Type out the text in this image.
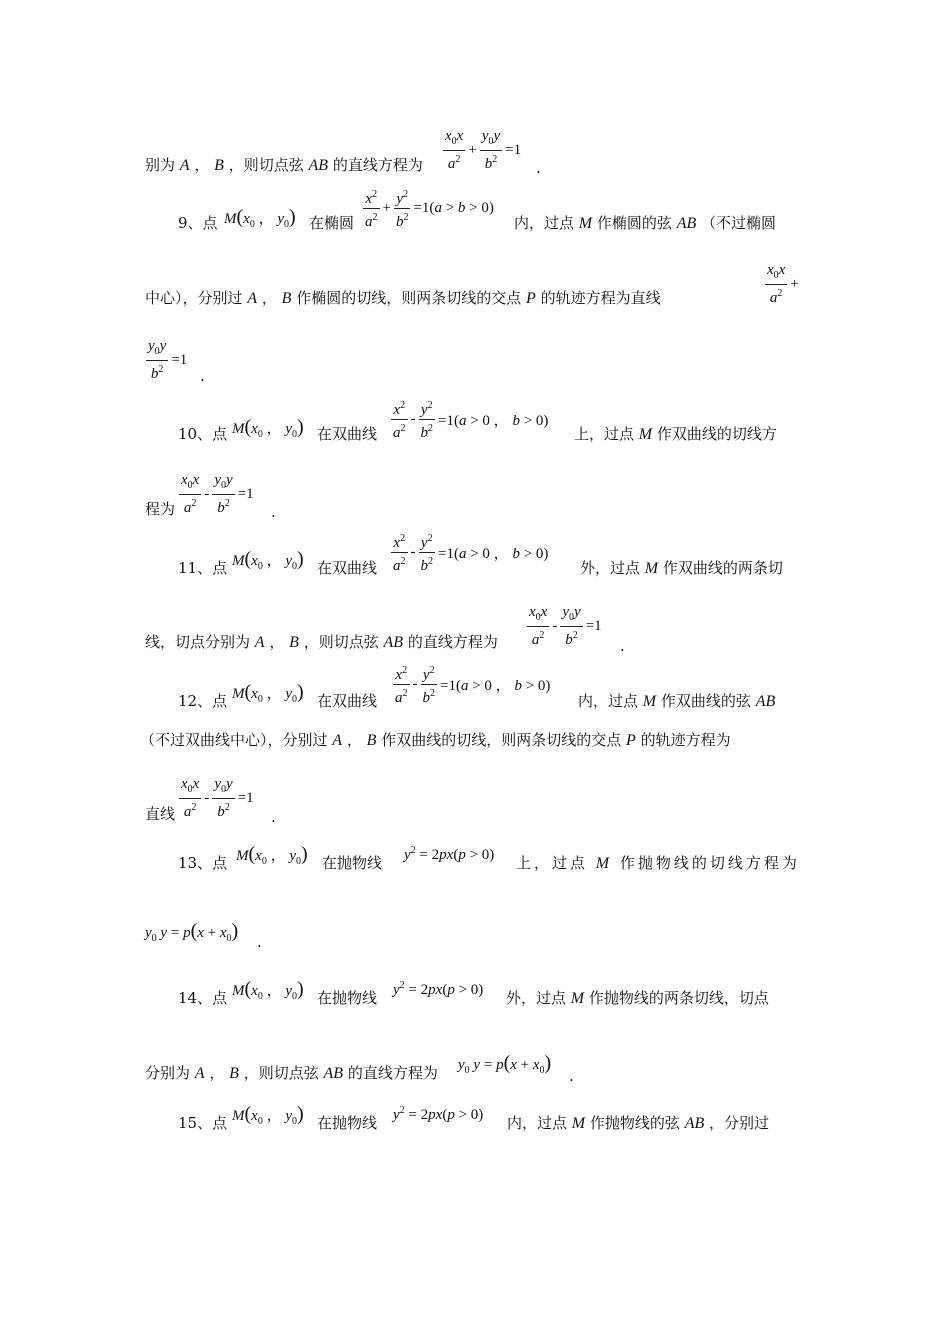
别为 A ， B ，则切点弦 AB 的直线方程为 $\frac{x_0x}{a^2} + \frac{y_0y}{b^2} =1$
.
9、点 $M(x_0$ ， $y_0$) 在椭圆 $\frac{x^2}{a^2} + \frac{y^2}{b^2} =1(a > b > 0)$
内，过点 M 作椭圆的弦 AB （不过椭圆
中心），分别过 A ， B 作椭圆的切线，则两条切线的交点 P 的轨迹方程为直线	$\frac{x_0x}{a^2}$ +
$\frac{y_0y}{b^2} =1$
.
10、点 $M(x_0$ ， $y_0$) 在双曲线 $\frac{x^2}{a^2} - \frac{y^2}{b^2} =1(a > 0$ ， b > 0)
上，过点 M 作双曲线的切线方
程为 $\frac{x_0x}{a^2} - \frac{y_0y}{b^2} =1$
.
11、点 $M(x_0$ ， $y_0$) 在双曲线 $\frac{x^2}{a^2} - \frac{y^2}{b^2} =1(a > 0$ ， b > 0)
外，过点 M 作双曲线的两条切
线，切点分别为 A ， B ，则切点弦 AB 的直线方程为 $\frac{x_0x}{a^2} - \frac{y_0y}{b^2} =1$
.
12、点 $M(x_0$ ， $y_0$) 在双曲线 $\frac{x^2}{a^2} - \frac{y^2}{b^2} =1(a > 0$ ， b > 0)
内，过点 M 作双曲线的弦 AB
（不过双曲线中心），分别过 A ， B 作双曲线的切线，则两条切线的交点 P 的轨迹方程为
直线 $\frac{x_0x}{a^2} - \frac{y_0y}{b^2} =1$
.
13、点 $M(x_0$ ， $y_0$) 在抛物线 $y^2 = 2px(p > 0)$ 上，过点 M 作抛物线的切线方程为
$y_0$ $y = p(x + x_0)$ .
14、点 $M(x_0$ ， $y_0$) 在抛物线 $y^2 = 2px(p > 0)$ 外，过点 M 作抛物线的两条切线，切点
分别为 A ， B ，则切点弦 AB 的直线方程为 $y_0$ $y = p(x + x_0)$
.
15、点 $M(x_0$ ， $y_0$) 在抛物线 $y^2 = 2px(p > 0)$ 内，过点 M 作抛物线的弦 AB ，分别过
